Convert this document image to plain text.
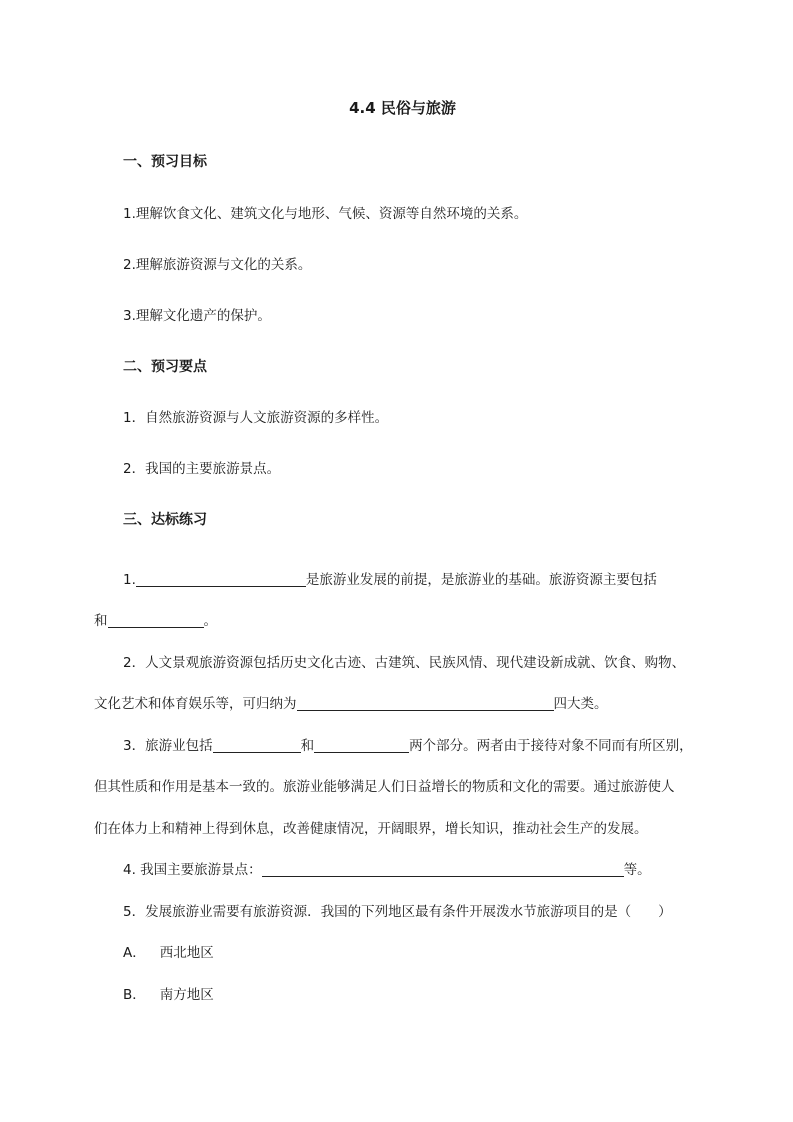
4.4 民俗与旅游
一、预习目标
1.理解饮食文化、建筑文化与地形、气候、资源等自然环境的关系。
2.理解旅游资源与文化的关系。
3.理解文化遗产的保护。
二、预习要点
1．自然旅游资源与人文旅游资源的多样性。
2．我国的主要旅游景点。
三、达标练习
1.	是旅游业发展的前提，是旅游业的基础。旅游资源主要包括
和	。
2．人文景观旅游资源包括历史文化古迹、古建筑、民族风情、现代建设新成就、饮食、购物、
文化艺术和体育娱乐等，可归纳为	四大类。
3．旅游业包括	和	两个部分。两者由于接待对象不同而有所区别，
但其性质和作用是基本一致的。旅游业能够满足人们日益增长的物质和文化的需要。通过旅游使人
们在体力上和精神上得到休息，改善健康情况，开阔眼界，增长知识，推动社会生产的发展。
4. 我国主要旅游景点：	等。
5．发展旅游业需要有旅游资源．我国的下列地区最有条件开展泼水节旅游项目的是（　　）
A． 西北地区
B． 南方地区
